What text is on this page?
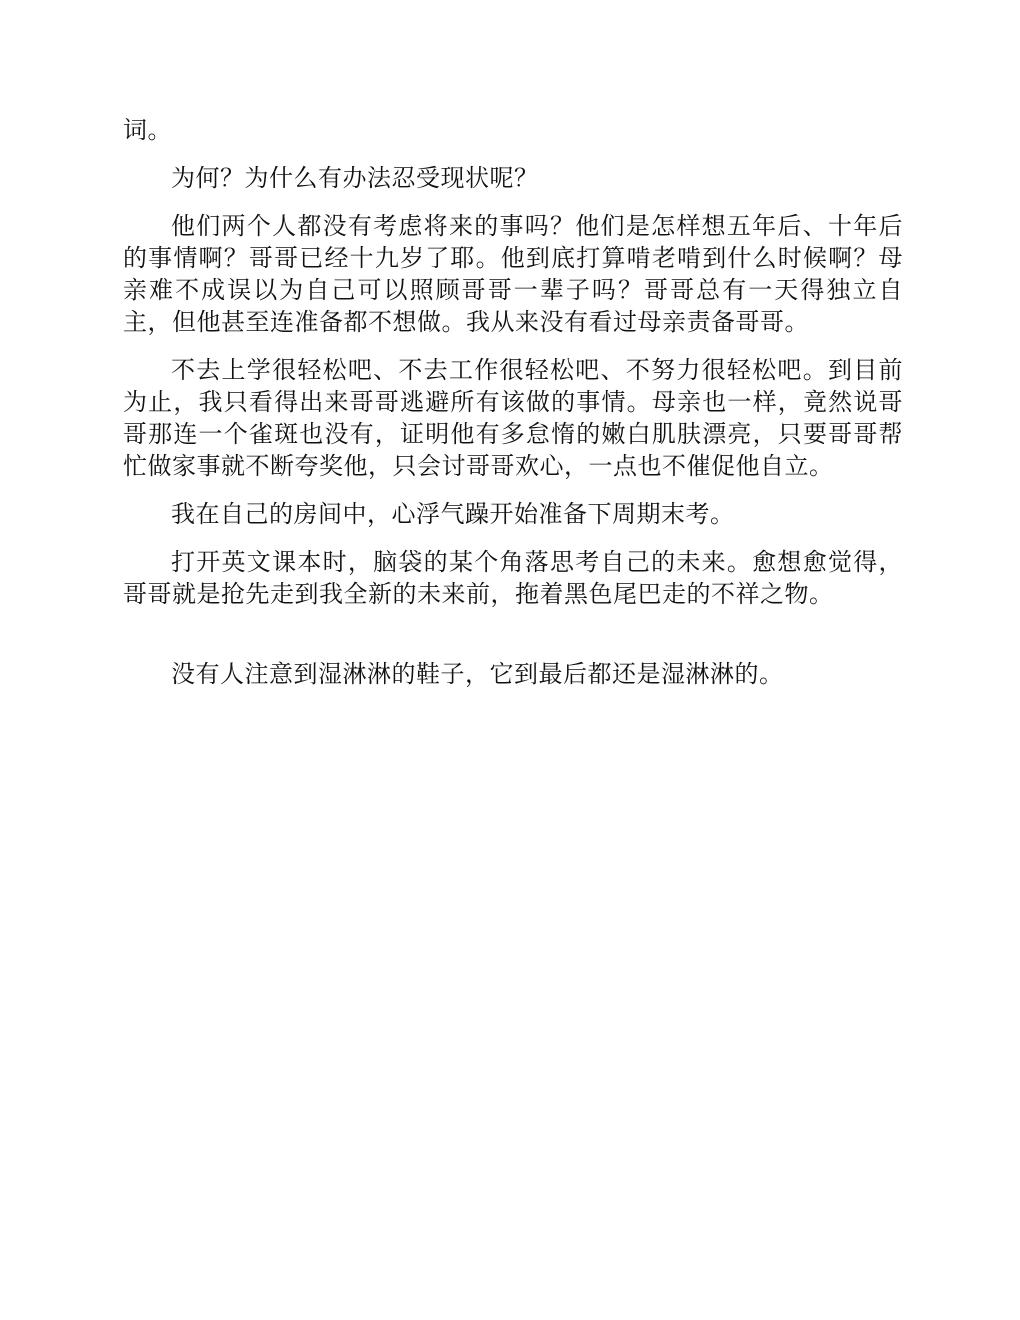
词。

为何？为什么有办法忍受现状呢？

他们两个人都没有考虑将来的事吗？他们是怎样想五年后、十年后的事情啊？哥哥已经十九岁了耶。他到底打算啃老啃到什么时候啊？母亲难不成误以为自己可以照顾哥哥一辈子吗？哥哥总有一天得独立自主，但他甚至连准备都不想做。我从来没有看过母亲责备哥哥。

不去上学很轻松吧、不去工作很轻松吧、不努力很轻松吧。到目前为止，我只看得出来哥哥逃避所有该做的事情。母亲也一样，竟然说哥哥那连一个雀斑也没有，证明他有多怠惰的嫩白肌肤漂亮，只要哥哥帮忙做家事就不断夸奖他，只会讨哥哥欢心，一点也不催促他自立。

我在自己的房间中，心浮气躁开始准备下周期末考。

打开英文课本时，脑袋的某个角落思考自己的未来。愈想愈觉得，哥哥就是抢先走到我全新的未来前，拖着黑色尾巴走的不祥之物。

没有人注意到湿淋淋的鞋子，它到最后都还是湿淋淋的。
